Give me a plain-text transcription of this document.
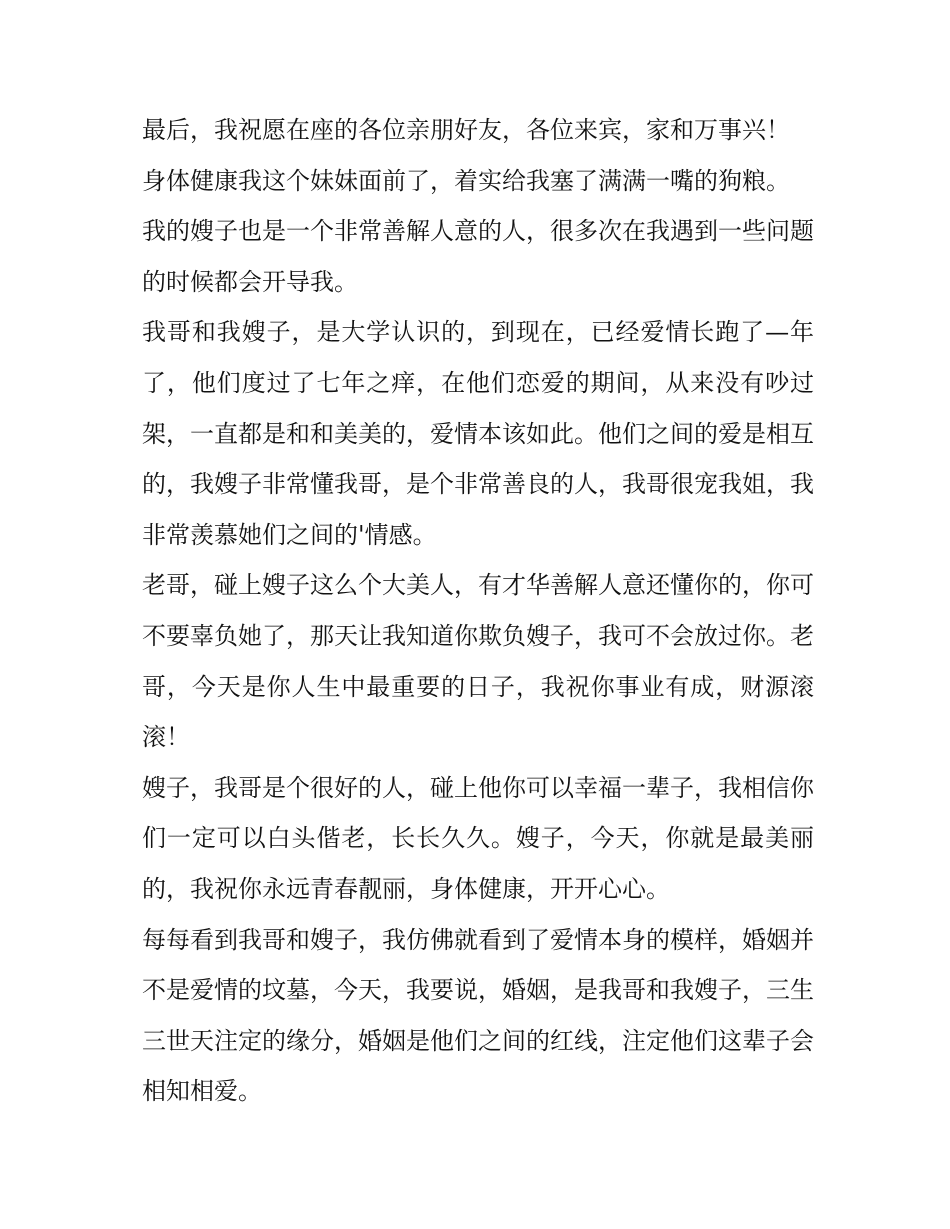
最后，我祝愿在座的各位亲朋好友，各位来宾，家和万事兴！

身体健康我这个妹妹面前了，着实给我塞了满满一嘴的狗粮。

我的嫂子也是一个非常善解人意的人，很多次在我遇到一些问题的时候都会开导我。

我哥和我嫂子，是大学认识的，到现在，已经爱情长跑了—年了，他们度过了七年之痒，在他们恋爱的期间，从来没有吵过架，一直都是和和美美的，爱情本该如此。他们之间的爱是相互的，我嫂子非常懂我哥，是个非常善良的人，我哥很宠我姐，我非常羡慕她们之间的'情感。

老哥，碰上嫂子这么个大美人，有才华善解人意还懂你的，你可不要辜负她了，那天让我知道你欺负嫂子，我可不会放过你。老哥，今天是你人生中最重要的日子，我祝你事业有成，财源滚滚！

嫂子，我哥是个很好的人，碰上他你可以幸福一辈子，我相信你们一定可以白头偕老，长长久久。嫂子，今天，你就是最美丽的，我祝你永远青春靓丽，身体健康，开开心心。

每每看到我哥和嫂子，我仿佛就看到了爱情本身的模样，婚姻并不是爱情的坟墓，今天，我要说，婚姻，是我哥和我嫂子，三生三世天注定的缘分，婚姻是他们之间的红线，注定他们这辈子会相知相爱。
